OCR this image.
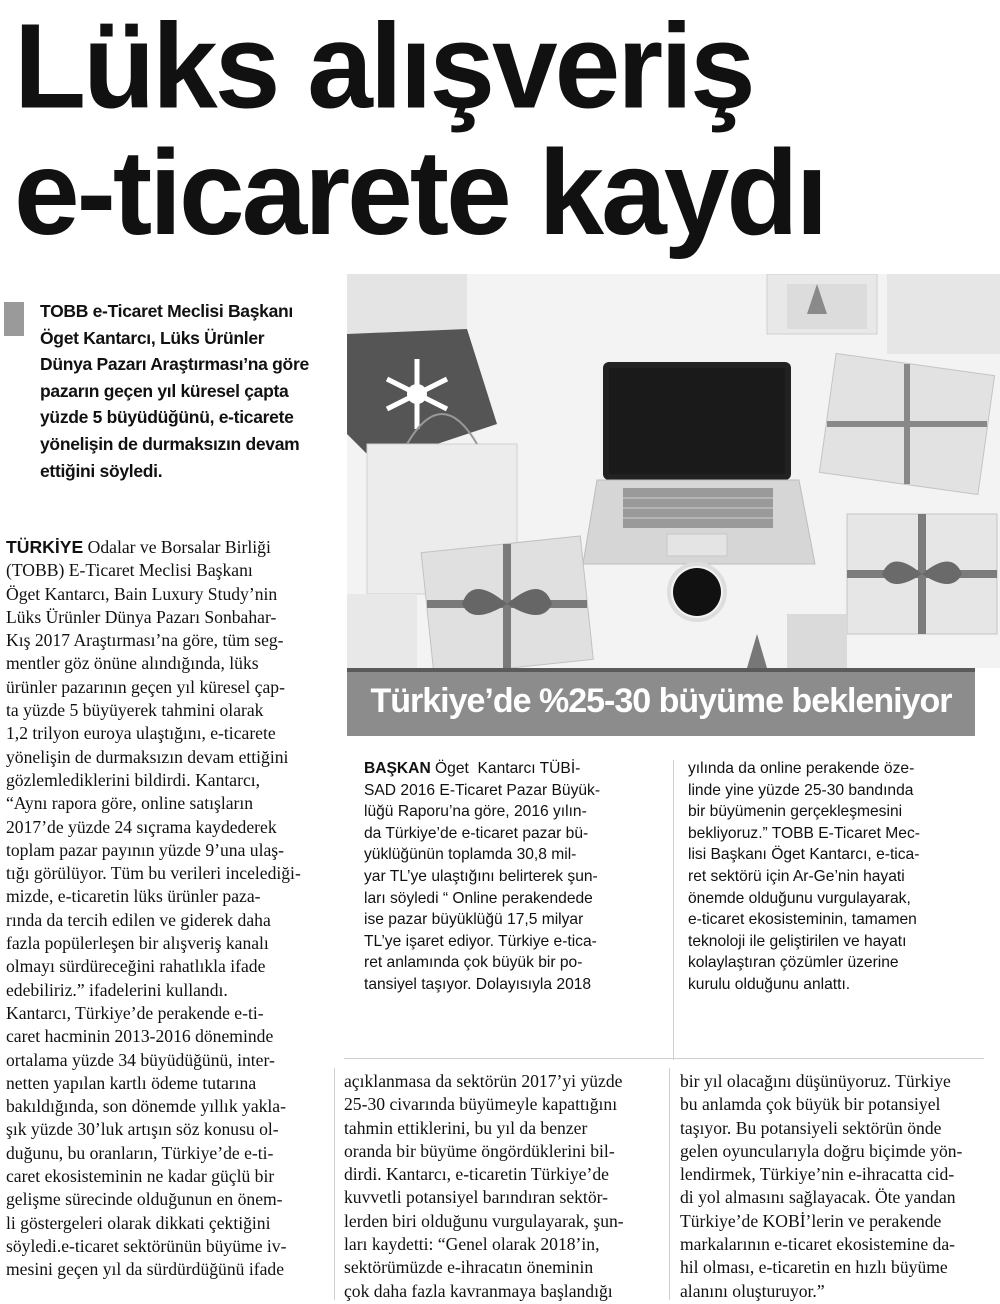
Lüks alışveriş
e-ticarete kaydı
TOBB e-Ticaret Meclisi Başkanı
Öget Kantarcı, Lüks Ürünler
Dünya Pazarı Araştırması’na göre
pazarın geçen yıl küresel çapta
yüzde 5 büyüdüğünü, e-ticarete
yönelişin de durmaksızın devam
ettiğini söyledi.
Türkiye’de %25-30 büyüme bekleniyor
TÜRKİYE Odalar ve Borsalar Birliği
(TOBB) E-Ticaret Meclisi Başkanı
Öget Kantarcı, Bain Luxury Study’nin
Lüks Ürünler Dünya Pazarı Sonbahar-
Kış 2017 Araştırması’na göre, tüm seg-
mentler göz önüne alındığında, lüks
ürünler pazarının geçen yıl küresel çap-
ta yüzde 5 büyüyerek tahmini olarak
1,2 trilyon euroya ulaştığını, e-ticarete
yönelişin de durmaksızın devam ettiğini
gözlemlediklerini bildirdi. Kantarcı,
“Aynı rapora göre, online satışların
2017’de yüzde 24 sıçrama kaydederek
toplam pazar payının yüzde 9’una ulaş-
tığı görülüyor. Tüm bu verileri incelediği-
mizde, e-ticaretin lüks ürünler paza-
rında da tercih edilen ve giderek daha
fazla popülerleşen bir alışveriş kanalı
olmayı sürdüreceğini rahatlıkla ifade
edebiliriz.” ifadelerini kullandı.
Kantarcı, Türkiye’de perakende e-ti-
caret hacminin 2013-2016 döneminde
ortalama yüzde 34 büyüdüğünü, inter-
netten yapılan kartlı ödeme tutarına
bakıldığında, son dönemde yıllık yakla-
şık yüzde 30’luk artışın söz konusu ol-
duğunu, bu oranların, Türkiye’de e-ti-
caret ekosisteminin ne kadar güçlü bir
gelişme sürecinde olduğunun en önem-
li göstergeleri olarak dikkati çektiğini
söyledi.e-ticaret sektörünün büyüme iv-
mesini geçen yıl da sürdürdüğünü ifade
BAŞKAN Öget  Kantarcı TÜBİ-
SAD 2016 E-Ticaret Pazar Büyük-
lüğü Raporu’na göre, 2016 yılın-
da Türkiye’de e-ticaret pazar bü-
yüklüğünün toplamda 30,8 mil-
yar TL’ye ulaştığını belirterek şun-
ları söyledi “ Online perakendede
ise pazar büyüklüğü 17,5 milyar
TL’ye işaret ediyor. Türkiye e-tica-
ret anlamında çok büyük bir po-
tansiyel taşıyor. Dolayısıyla 2018
yılında da online perakende öze-
linde yine yüzde 25-30 bandında
bir büyümenin gerçekleşmesini
bekliyoruz.” TOBB E-Ticaret Mec-
lisi Başkanı Öget Kantarcı, e-tica-
ret sektörü için Ar-Ge’nin hayati
önemde olduğunu vurgulayarak,
e-ticaret ekosisteminin, tamamen
teknoloji ile geliştirilen ve hayatı
kolaylaştıran çözümler üzerine
kurulu olduğunu anlattı.
açıklanmasa da sektörün 2017’yi yüzde
25-30 civarında büyümeyle kapattığını
tahmin ettiklerini, bu yıl da benzer
oranda bir büyüme öngördüklerini bil-
dirdi. Kantarcı, e-ticaretin Türkiye’de
kuvvetli potansiyel barındıran sektör-
lerden biri olduğunu vurgulayarak, şun-
ları kaydetti: “Genel olarak 2018’in,
sektörümüzde e-ihracatın öneminin
çok daha fazla kavranmaya başlandığı
bir yıl olacağını düşünüyoruz. Türkiye
bu anlamda çok büyük bir potansiyel
taşıyor. Bu potansiyeli sektörün önde
gelen oyuncularıyla doğru biçimde yön-
lendirmek, Türkiye’nin e-ihracatta cid-
di yol almasını sağlayacak. Öte yandan
Türkiye’de KOBİ’lerin ve perakende
markalarının e-ticaret ekosistemine da-
hil olması, e-ticaretin en hızlı büyüme
alanını oluşturuyor.”
